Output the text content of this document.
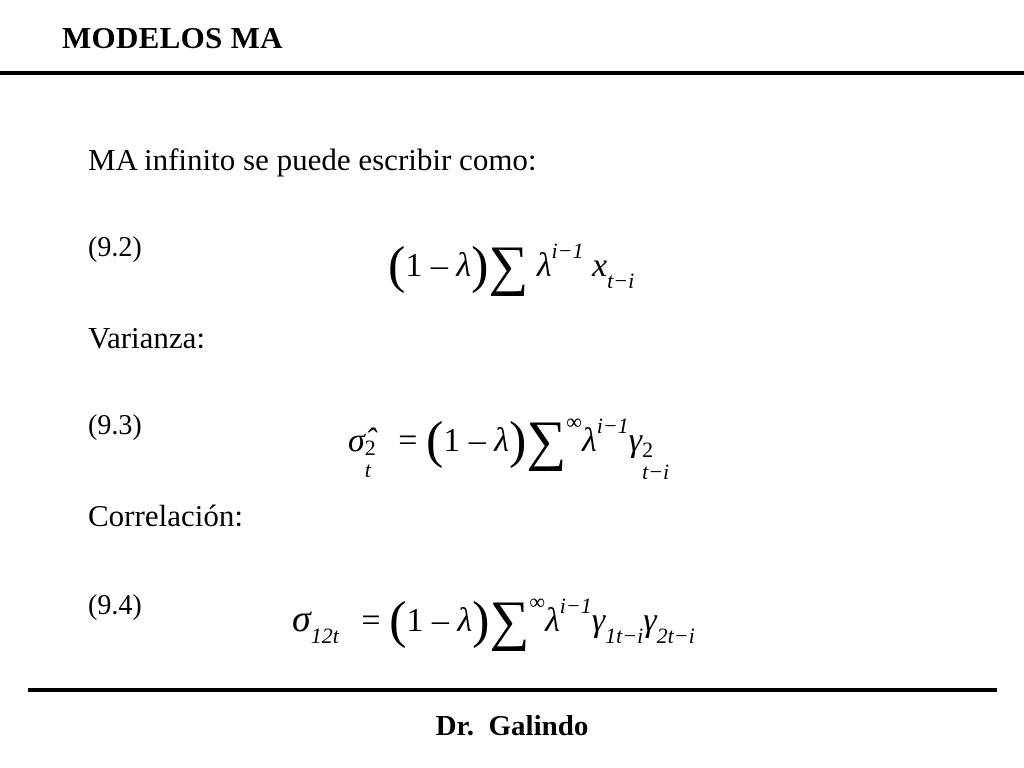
MODELOS MA
MA infinito se puede escribir como:
(9.2)	(1 – λ)∑ λi−1 xt−i
Varianza:
(9.3)	σ̂ 2
t
= (1 – λ)∑∞λi−1γ 2
t−i
Correlación:
(9.4)	σ12t = (1 – λ)∑∞λi−1γ1t−iγ2t−i
Dr.  Galindo
